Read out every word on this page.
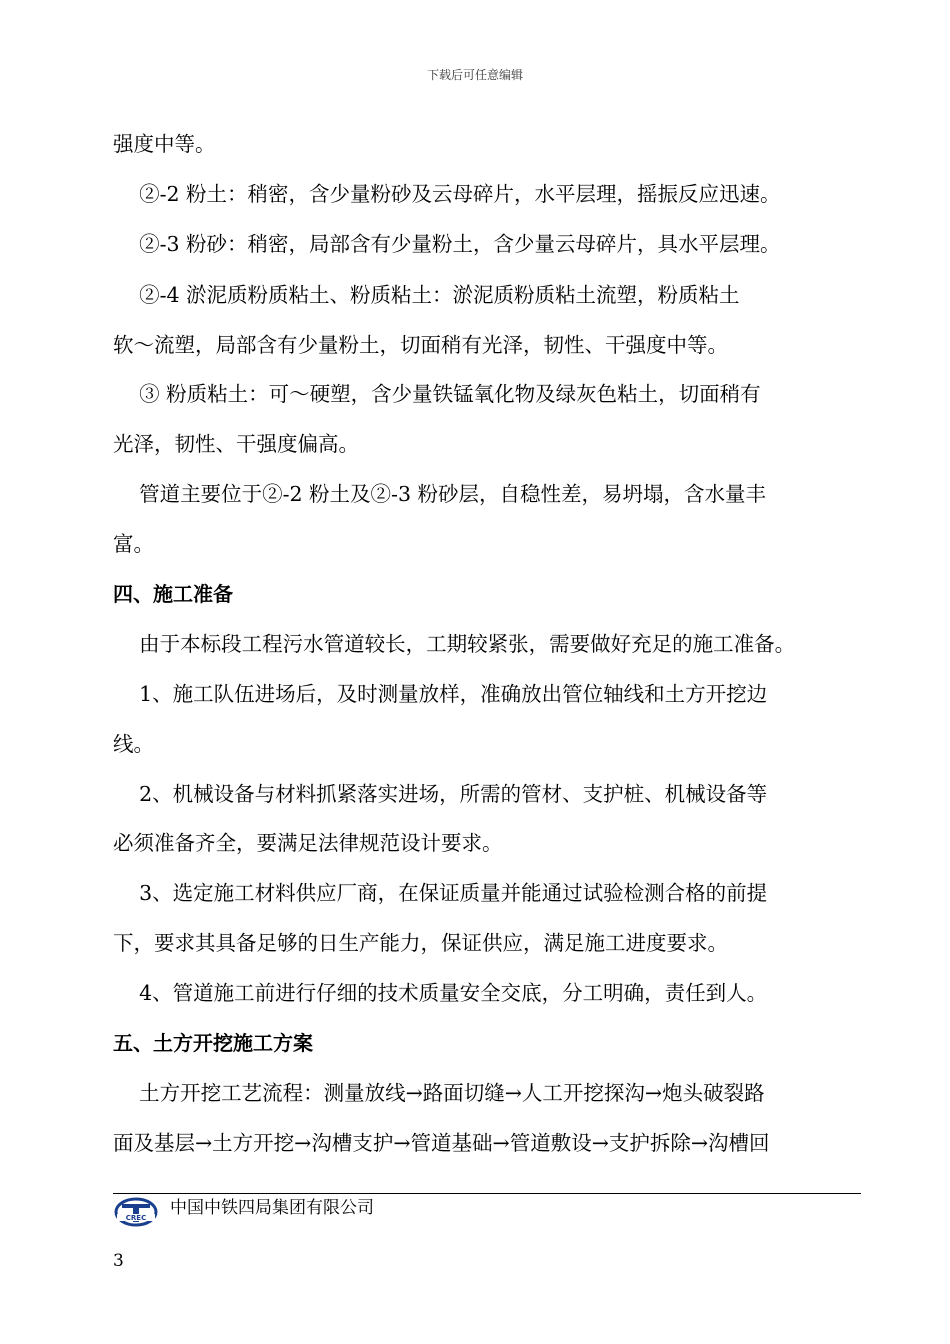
下载后可任意编辑
强度中等。
②-2 粉土：稍密，含少量粉砂及云母碎片，水平层理，摇振反应迅速。
②-3 粉砂：稍密，局部含有少量粉土，含少量云母碎片，具水平层理。
②-4 淤泥质粉质粘土、粉质粘土：淤泥质粉质粘土流塑，粉质粘土
软～流塑，局部含有少量粉土，切面稍有光泽，韧性、干强度中等。
③ 粉质粘土：可～硬塑，含少量铁锰氧化物及绿灰色粘土，切面稍有
光泽，韧性、干强度偏高。
管道主要位于②-2 粉土及②-3 粉砂层，自稳性差，易坍塌，含水量丰
富。
四、施工准备
由于本标段工程污水管道较长，工期较紧张，需要做好充足的施工准备。
1、施工队伍进场后，及时测量放样，准确放出管位轴线和土方开挖边
线。
2、机械设备与材料抓紧落实进场，所需的管材、支护桩、机械设备等
必须准备齐全，要满足法律规范设计要求。
3、选定施工材料供应厂商，在保证质量并能通过试验检测合格的前提
下，要求其具备足够的日生产能力，保证供应，满足施工进度要求。
4、管道施工前进行仔细的技术质量安全交底，分工明确，责任到人。
五、土方开挖施工方案
土方开挖工艺流程：测量放线→路面切缝→人工开挖探沟→炮头破裂路
面及基层→土方开挖→沟槽支护→管道基础→管道敷设→支护拆除→沟槽回
CREC 中国中铁四局集团有限公司
3
